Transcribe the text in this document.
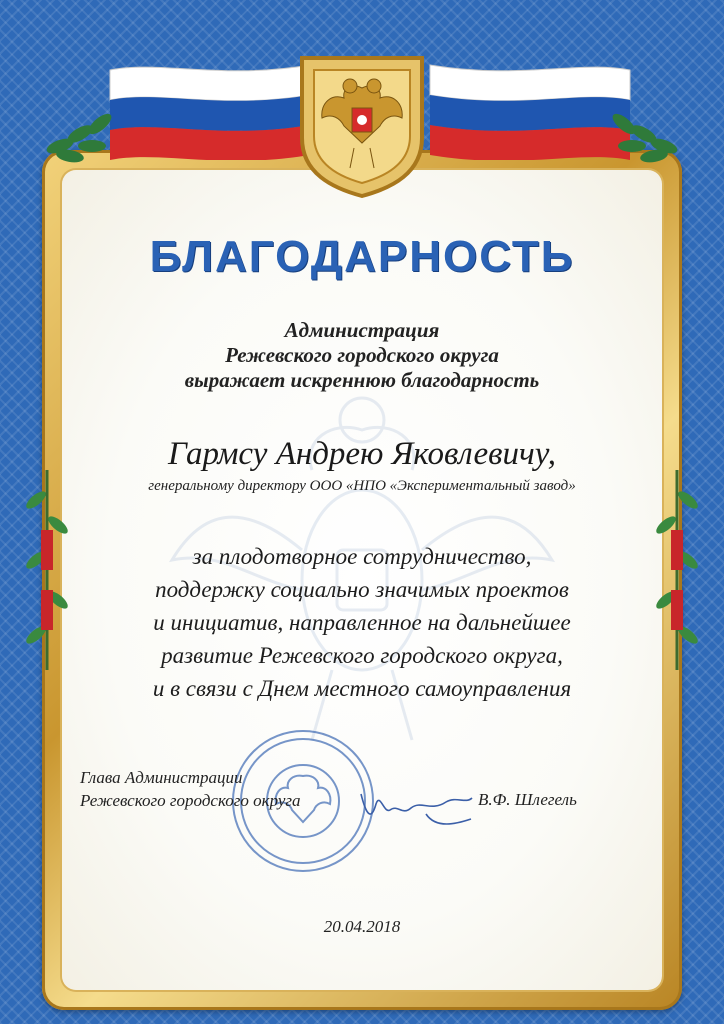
БЛАГОДАРНОСТЬ
Администрация
Режевского городского округа
выражает искреннюю благодарность
Гармсу Андрею Яковлевичу,
генеральному директору ООО «НПО «Экспериментальный завод»
за плодотворное сотрудничество,
поддержку социально значимых проектов
и инициатив, направленное на дальнейшее
развитие Режевского городского округа,
и в связи с Днем местного самоуправления
Глава Администрации
Режевского городского округа	В.Ф. Шлегель
20.04.2018
